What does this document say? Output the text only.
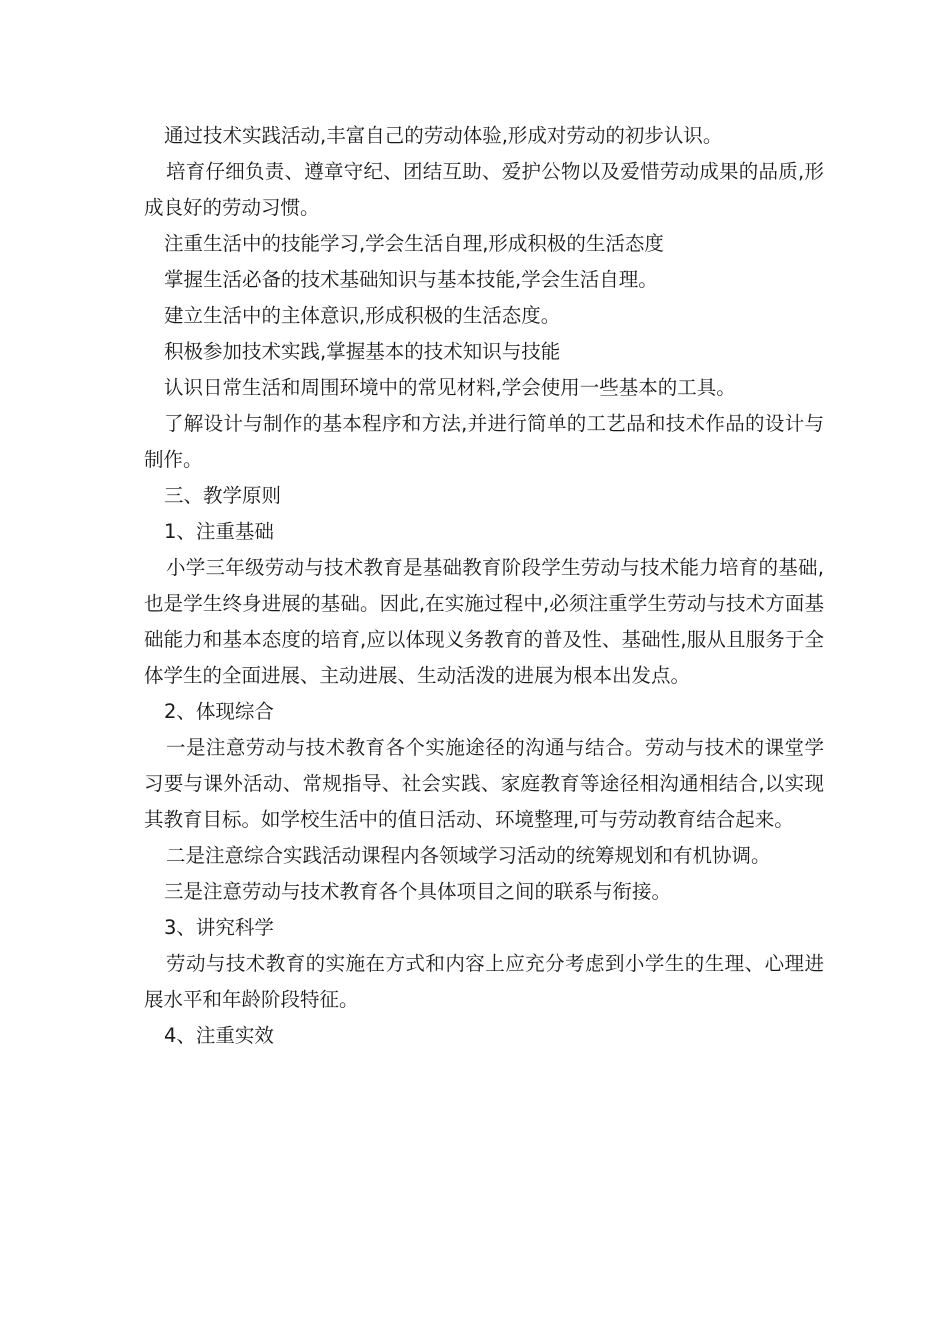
通过技术实践活动,丰富自己的劳动体验,形成对劳动的初步认识。

培育仔细负责、遵章守纪、团结互助、爱护公物以及爱惜劳动成果的品质,形成良好的劳动习惯。

注重生活中的技能学习,学会生活自理,形成积极的生活态度

掌握生活必备的技术基础知识与基本技能,学会生活自理。

建立生活中的主体意识,形成积极的生活态度。

积极参加技术实践,掌握基本的技术知识与技能

认识日常生活和周围环境中的常见材料,学会使用一些基本的工具。

了解设计与制作的基本程序和方法,并进行简单的工艺品和技术作品的设计与制作。

三、教学原则

1、注重基础

小学三年级劳动与技术教育是基础教育阶段学生劳动与技术能力培育的基础,也是学生终身进展的基础。因此,在实施过程中,必须注重学生劳动与技术方面基础能力和基本态度的培育,应以体现义务教育的普及性、基础性,服从且服务于全体学生的全面进展、主动进展、生动活泼的进展为根本出发点。

2、体现综合

一是注意劳动与技术教育各个实施途径的沟通与结合。劳动与技术的课堂学习要与课外活动、常规指导、社会实践、家庭教育等途径相沟通相结合,以实现其教育目标。如学校生活中的值日活动、环境整理,可与劳动教育结合起来。

二是注意综合实践活动课程内各领域学习活动的统筹规划和有机协调。

三是注意劳动与技术教育各个具体项目之间的联系与衔接。

3、讲究科学

劳动与技术教育的实施在方式和内容上应充分考虑到小学生的生理、心理进展水平和年龄阶段特征。

4、注重实效
